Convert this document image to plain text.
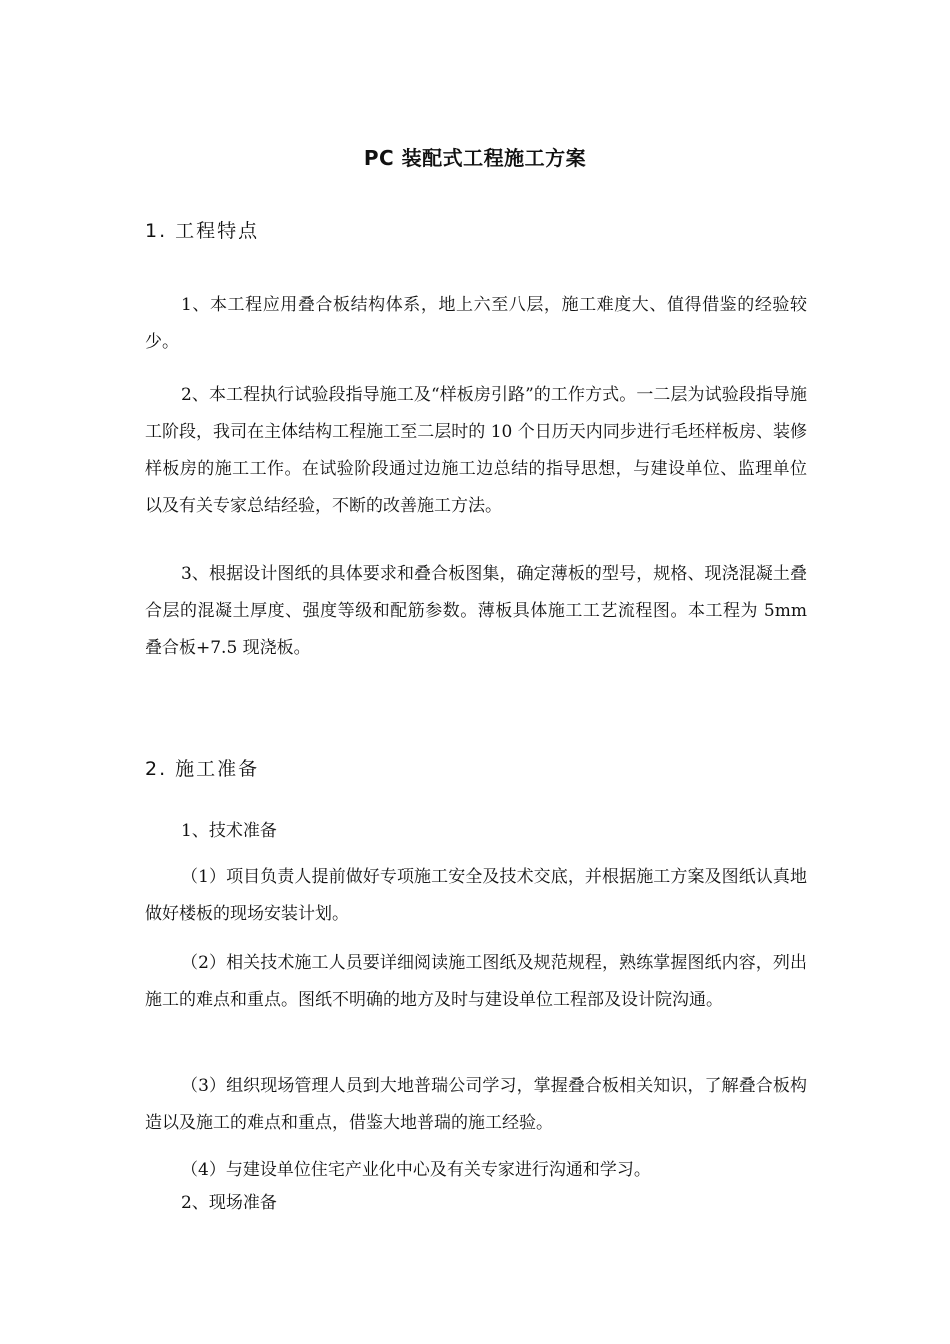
PC 装配式工程施工方案
1. 工程特点
1、本工程应用叠合板结构体系，地上六至八层，施工难度大、值得借鉴的经验较少。
2、本工程执行试验段指导施工及“样板房引路”的工作方式。一二层为试验段指导施工阶段，我司在主体结构工程施工至二层时的 10 个日历天内同步进行毛坯样板房、装修样板房的施工工作。在试验阶段通过边施工边总结的指导思想，与建设单位、监理单位以及有关专家总结经验，不断的改善施工方法。
3、根据设计图纸的具体要求和叠合板图集，确定薄板的型号，规格、现浇混凝土叠合层的混凝土厚度、强度等级和配筋参数。薄板具体施工工艺流程图。本工程为 5mm 叠合板+7.5 现浇板。
2. 施工准备
1、技术准备
（1）项目负责人提前做好专项施工安全及技术交底，并根据施工方案及图纸认真地做好楼板的现场安装计划。
（2）相关技术施工人员要详细阅读施工图纸及规范规程，熟练掌握图纸内容，列出施工的难点和重点。图纸不明确的地方及时与建设单位工程部及设计院沟通。
（3）组织现场管理人员到大地普瑞公司学习，掌握叠合板相关知识，了解叠合板构造以及施工的难点和重点，借鉴大地普瑞的施工经验。
（4）与建设单位住宅产业化中心及有关专家进行沟通和学习。
2、现场准备
